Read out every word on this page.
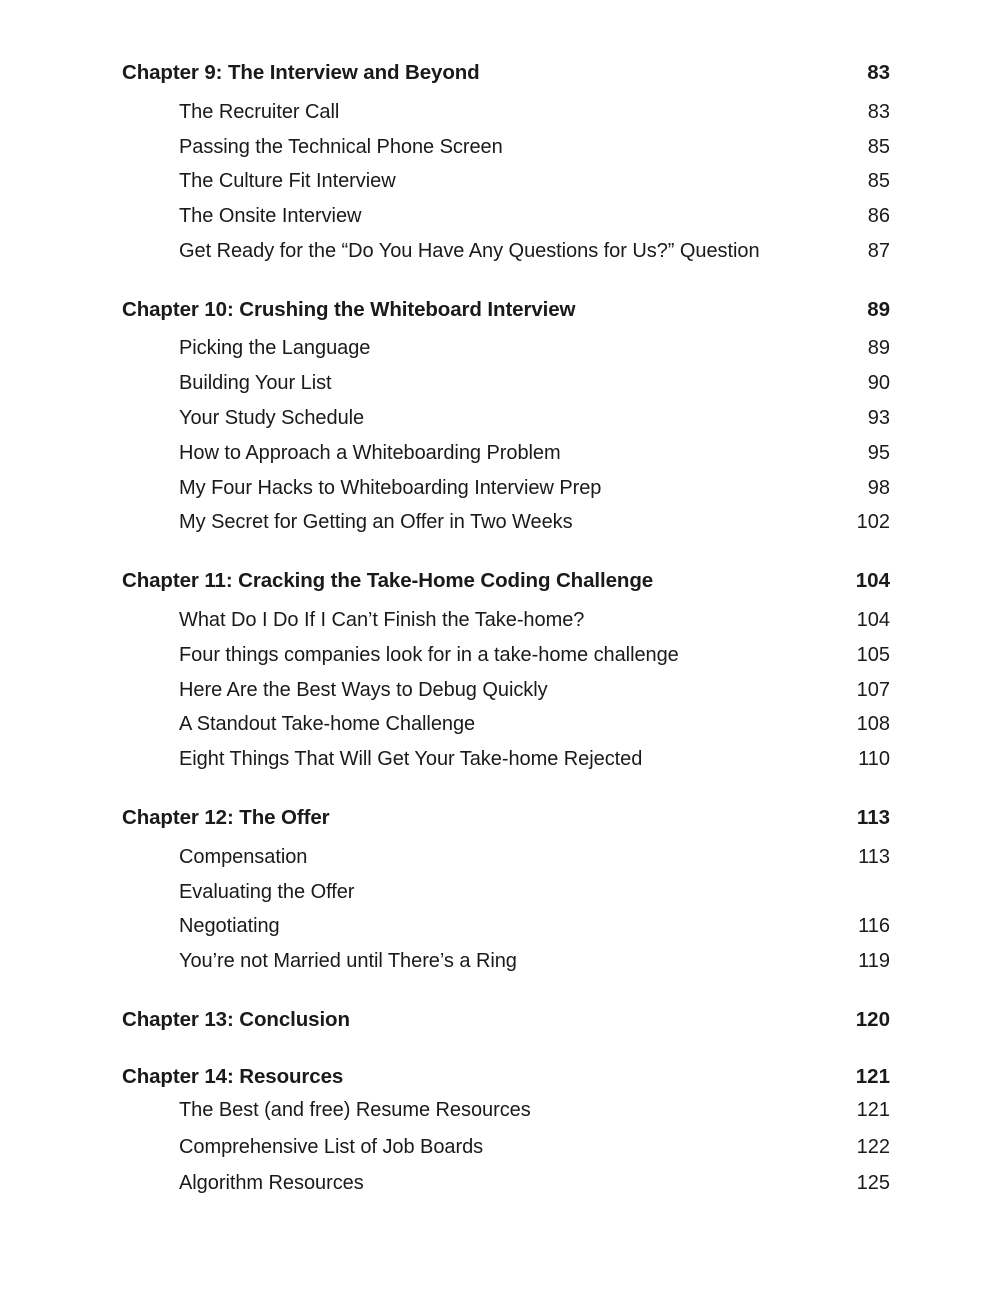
Chapter 9: The Interview and Beyond	83
The Recruiter Call	83
Passing the Technical Phone Screen	85
The Culture Fit Interview	85
The Onsite Interview	86
Get Ready for the “Do You Have Any Questions for Us?” Question	87
Chapter 10: Crushing the Whiteboard Interview	89
Picking the Language	89
Building Your List	90
Your Study Schedule	93
How to Approach a Whiteboarding Problem	95
My Four Hacks to Whiteboarding Interview Prep	98
My Secret for Getting an Offer in Two Weeks	102
Chapter 11: Cracking the Take-Home Coding Challenge	104
What Do I Do If I Can’t Finish the Take-home?	104
Four things companies look for in a take-home challenge	105
Here Are the Best Ways to Debug Quickly	107
A Standout Take-home Challenge	108
Eight Things That Will Get Your Take-home Rejected	110
Chapter 12: The Offer	113
Compensation	113
Evaluating the Offer
Negotiating	116
You’re not Married until There’s a Ring	119
Chapter 13: Conclusion	120
Chapter 14: Resources	121
The Best (and free) Resume Resources	121
Comprehensive List of Job Boards	122
Algorithm Resources	125
